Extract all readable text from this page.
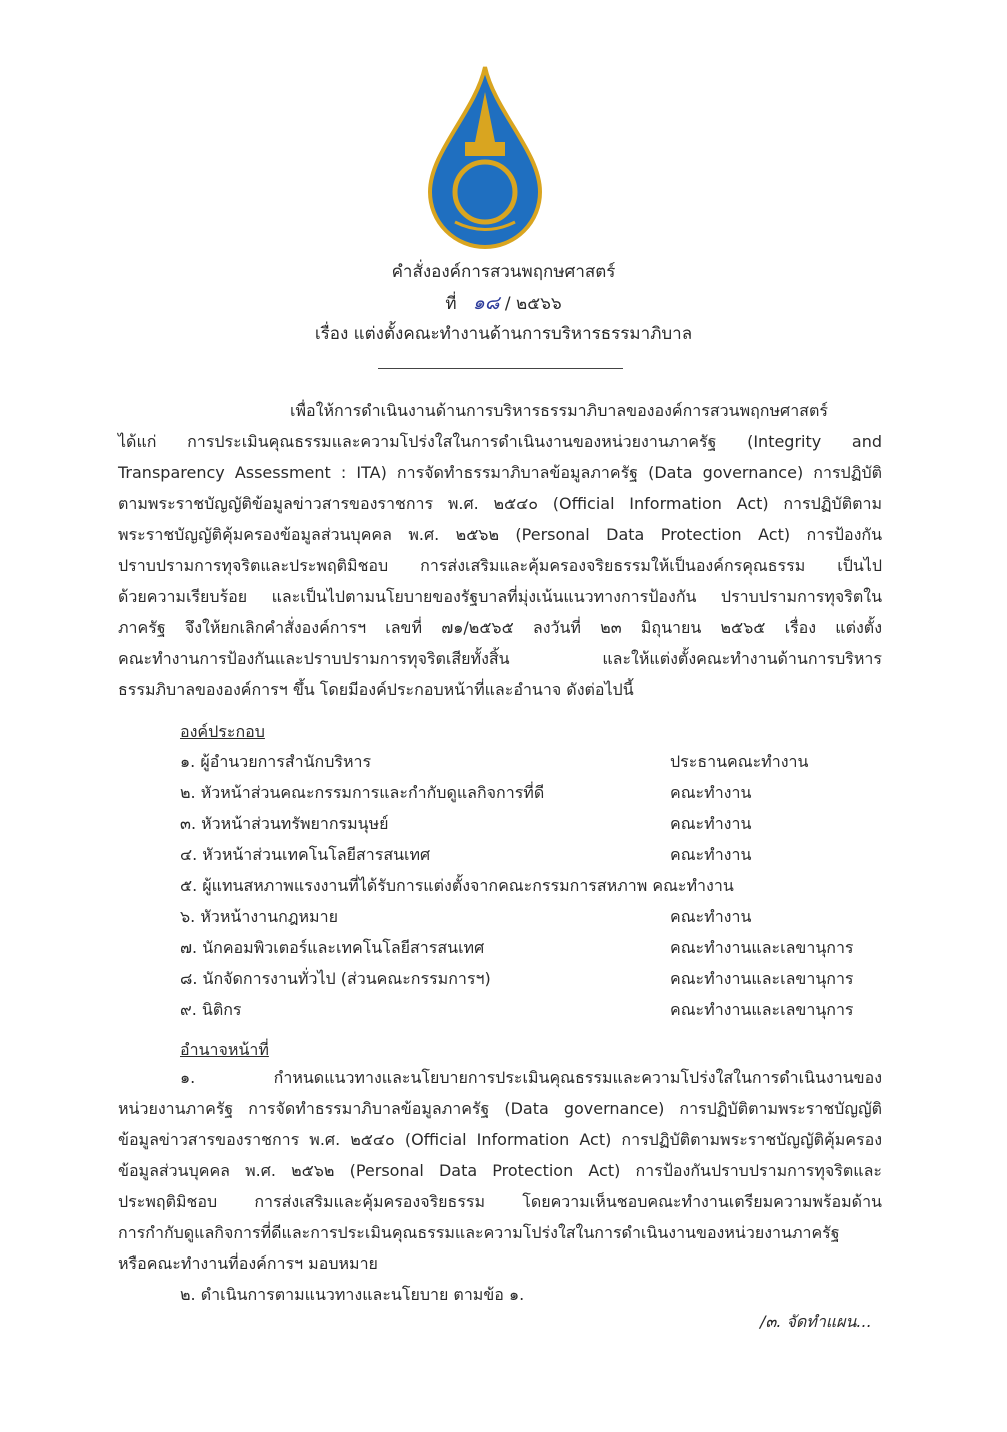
คำสั่งองค์การสวนพฤกษศาสตร์
ที่ ๑๘ / ๒๕๖๖
เรื่อง แต่งตั้งคณะทำงานด้านการบริหารธรรมาภิบาล
เพื่อให้การดำเนินงานด้านการบริหารธรรมาภิบาลขององค์การสวนพฤกษศาสตร์
ได้แก่ การประเมินคุณธรรมและความโปร่งใสในการดำเนินงานของหน่วยงานภาครัฐ (Integrity and
Transparency Assessment : ITA) การจัดทำธรรมาภิบาลข้อมูลภาครัฐ (Data governance) การปฏิบัติ
ตามพระราชบัญญัติข้อมูลข่าวสารของราชการ พ.ศ. ๒๕๔๐ (Official Information Act) การปฏิบัติตาม
พระราชบัญญัติคุ้มครองข้อมูลส่วนบุคคล พ.ศ. ๒๕๖๒ (Personal Data Protection Act) การป้องกัน
ปราบปรามการทุจริตและประพฤติมิชอบ การส่งเสริมและคุ้มครองจริยธรรมให้เป็นองค์กรคุณธรรม เป็นไป
ด้วยความเรียบร้อย และเป็นไปตามนโยบายของรัฐบาลที่มุ่งเน้นแนวทางการป้องกัน ปราบปรามการทุจริตใน
ภาครัฐ จึงให้ยกเลิกคำสั่งองค์การฯ เลขที่ ๗๑/๒๕๖๕ ลงวันที่ ๒๓ มิถุนายน ๒๕๖๕ เรื่อง แต่งตั้ง
คณะทำงานการป้องกันและปราบปรามการทุจริตเสียทั้งสิ้น และให้แต่งตั้งคณะทำงานด้านการบริหาร
ธรรมภิบาลขององค์การฯ ขึ้น โดยมีองค์ประกอบหน้าที่และอำนาจ ดังต่อไปนี้
องค์ประกอบ
๑. ผู้อำนวยการสำนักบริหาร	ประธานคณะทำงาน
๒. หัวหน้าส่วนคณะกรรมการและกำกับดูแลกิจการที่ดี	คณะทำงาน
๓. หัวหน้าส่วนทรัพยากรมนุษย์	คณะทำงาน
๔. หัวหน้าส่วนเทคโนโลยีสารสนเทศ	คณะทำงาน
๕. ผู้แทนสหภาพแรงงานที่ได้รับการแต่งตั้งจากคณะกรรมการสหภาพ คณะทำงาน
๖. หัวหน้างานกฎหมาย	คณะทำงาน
๗. นักคอมพิวเตอร์และเทคโนโลยีสารสนเทศ	คณะทำงานและเลขานุการ
๘. นักจัดการงานทั่วไป (ส่วนคณะกรรมการฯ)	คณะทำงานและเลขานุการ
๙. นิติกร	คณะทำงานและเลขานุการ
อำนาจหน้าที่
๑. กำหนดแนวทางและนโยบายการประเมินคุณธรรมและความโปร่งใสในการดำเนินงานของ
หน่วยงานภาครัฐ การจัดทำธรรมาภิบาลข้อมูลภาครัฐ (Data governance) การปฏิบัติตามพระราชบัญญัติ
ข้อมูลข่าวสารของราชการ พ.ศ. ๒๕๔๐ (Official Information Act) การปฏิบัติตามพระราชบัญญัติคุ้มครอง
ข้อมูลส่วนบุคคล พ.ศ. ๒๕๖๒ (Personal Data Protection Act) การป้องกันปราบปรามการทุจริตและ
ประพฤติมิชอบ การส่งเสริมและคุ้มครองจริยธรรม โดยความเห็นชอบคณะทำงานเตรียมความพร้อมด้าน
การกำกับดูแลกิจการที่ดีและการประเมินคุณธรรมและความโปร่งใสในการดำเนินงานของหน่วยงานภาครัฐ
หรือคณะทำงานที่องค์การฯ มอบหมาย
๒. ดำเนินการตามแนวทางและนโยบาย ตามข้อ ๑.
/๓. จัดทำแผน...
